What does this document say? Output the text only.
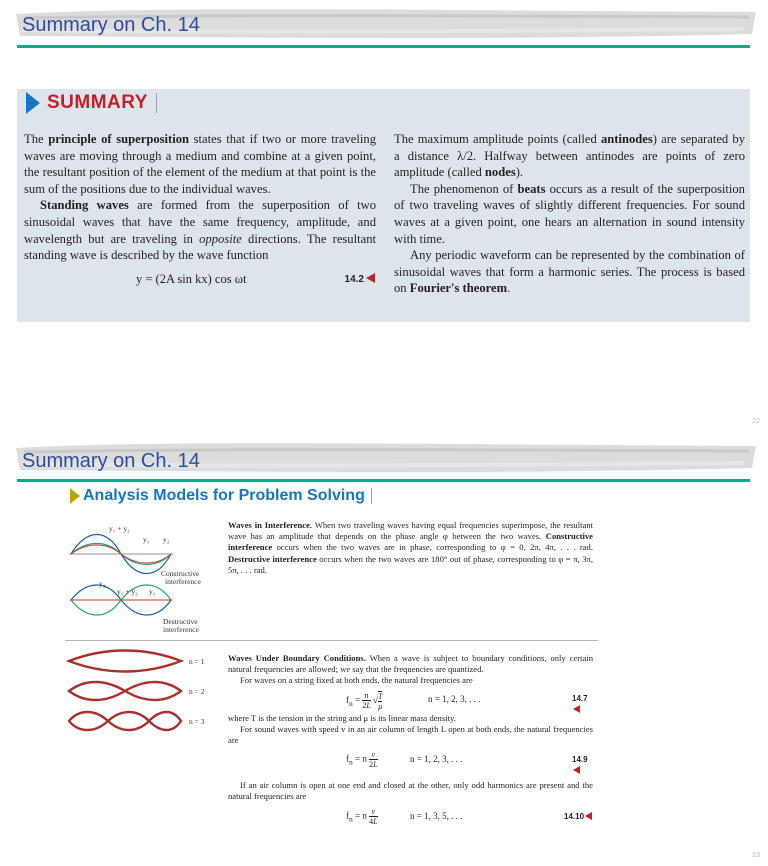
Summary on Ch. 14
SUMMARY

The principle of superposition states that if two or more traveling waves are moving through a medium and combine at a given point, the resultant position of the element of the medium at that point is the sum of the positions due to the individual waves.

Standing waves are formed from the superposition of two sinusoidal waves that have the same frequency, amplitude, and wavelength but are traveling in opposite directions. The resultant standing wave is described by the wave function

y = (2A sin kx) cos ωt	14.2

The maximum amplitude points (called antinodes) are separated by a distance λ/2. Halfway between antinodes are points of zero amplitude (called nodes).

The phenomenon of beats occurs as a result of the superposition of two traveling waves of slightly different frequencies. For sound waves at a given point, one hears an alternation in sound intensity with time.

Any periodic waveform can be represented by the combination of sinusoidal waves that form a harmonic series. The process is based on Fourier's theorem.

22
Summary on Ch. 14
Analysis Models for Problem Solving
y₁ + y₂
y₁ y₂
Constructive
interference
y₂
y₁ + y₂ y₁
Destructive
interference

Waves in Interference. When two traveling waves having equal frequencies superimpose, the resultant wave has an amplitude that depends on the phase angle φ between the two waves. Constructive interference occurs when the two waves are in phase, corresponding to φ = 0, 2π, 4π, . . . rad. Destructive interference occurs when the two waves are 180° out of phase, corresponding to φ = π, 3π, 5π, . . . rad.

n = 1
n = 2
n = 3

Waves Under Boundary Conditions. When a wave is subject to boundary conditions, only certain natural frequencies are allowed; we say that the frequencies are quantized.

For waves on a string fixed at both ends, the natural frequencies are

$f_n = \frac{n}{2L} √\frac{T}{\mu}$	n = 1, 2, 3, . . .	14.7

where T is the tension in the string and μ is its linear mass density.

For sound waves with speed v in an air column of length L open at both ends, the natural frequencies are

$f_n = n \frac{v}{2L}$	n = 1, 2, 3, . . .	14.9

If an air column is open at one end and closed at the other, only odd harmonics are present and the natural frequencies are

$f_n = n \frac{v}{4L}$	n = 1, 3, 5, . . .	14.10
23
